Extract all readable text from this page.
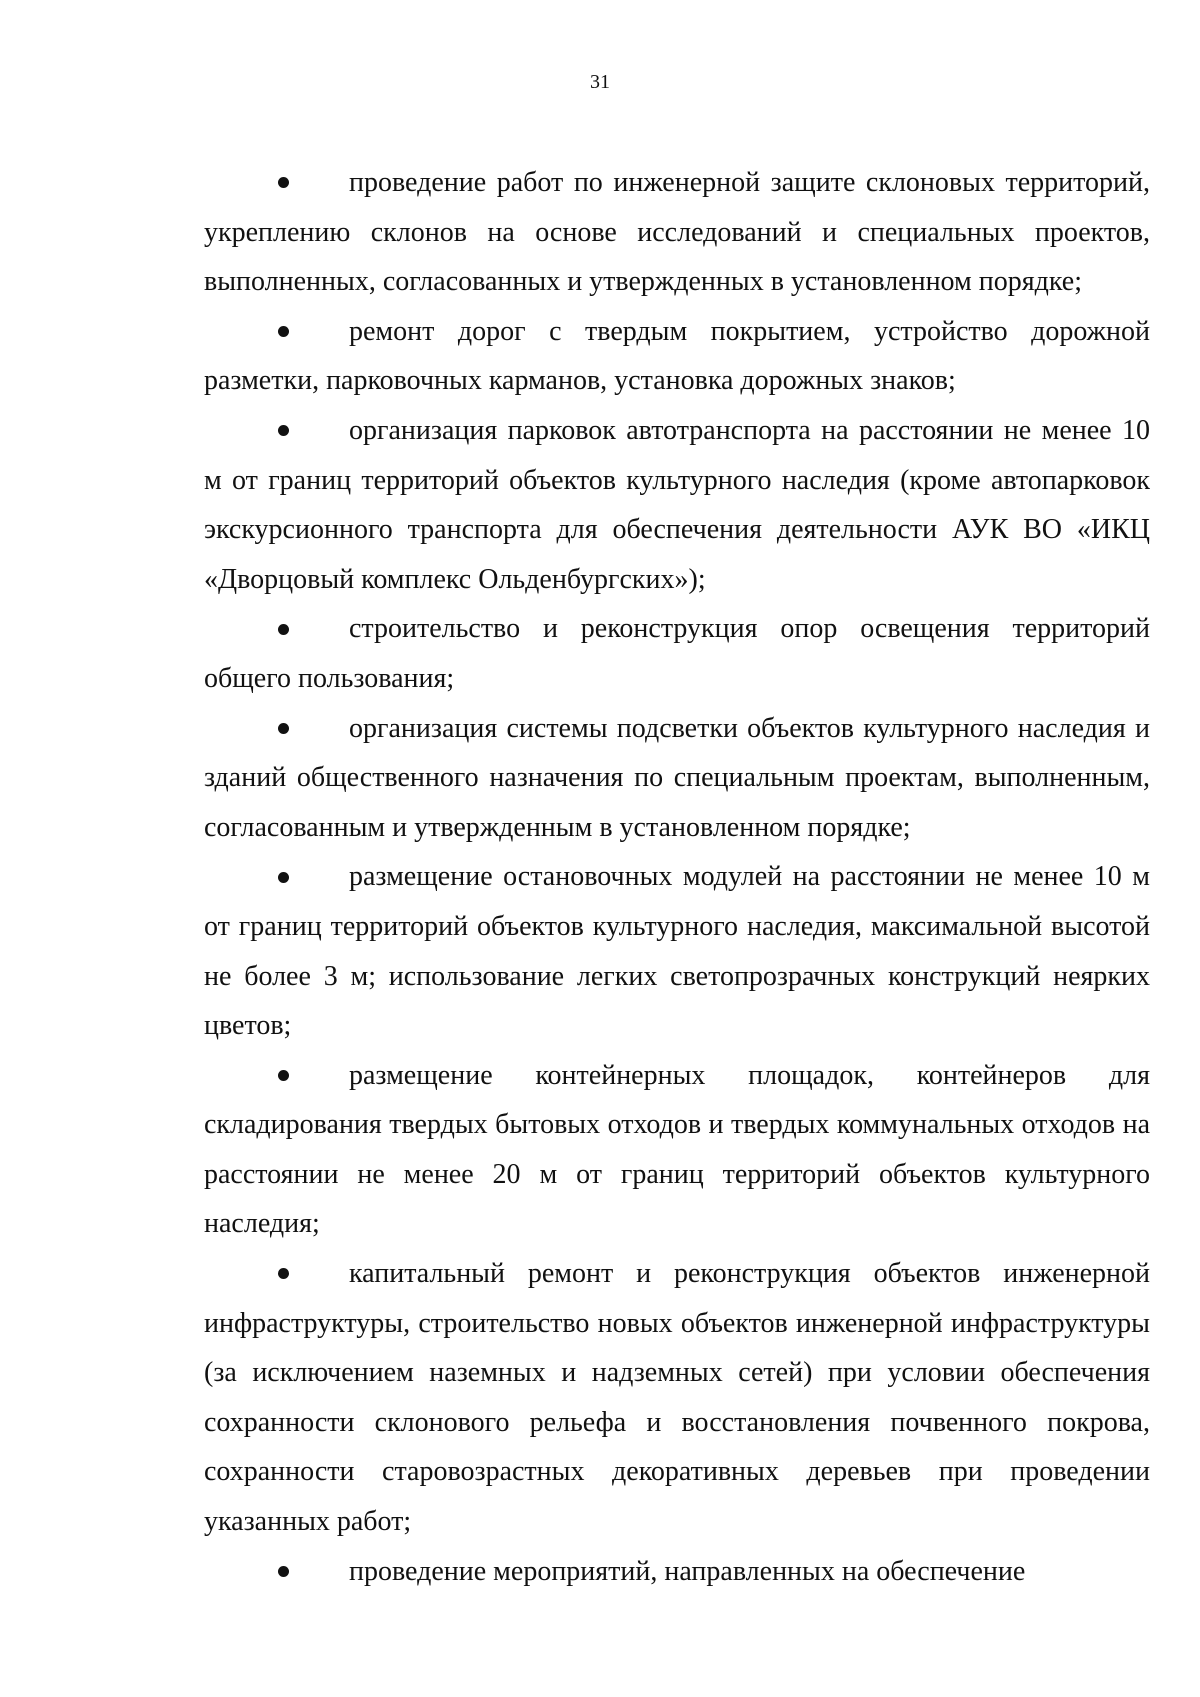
31

проведение работ по инженерной защите склоновых территорий, укреплению склонов на основе исследований и специальных проектов, выполненных, согласованных и утвержденных в установленном порядке;

ремонт дорог с твердым покрытием, устройство дорожной разметки, парковочных карманов, установка дорожных знаков;

организация парковок автотранспорта на расстоянии не менее 10 м от границ территорий объектов культурного наследия (кроме автопарковок экскурсионного транспорта для обеспечения деятельности АУК ВО «ИКЦ «Дворцовый комплекс Ольденбургских»);

строительство и реконструкция опор освещения территорий общего пользования;

организация системы подсветки объектов культурного наследия и зданий общественного назначения по специальным проектам, выполненным, согласованным и утвержденным в установленном порядке;

размещение остановочных модулей на расстоянии не менее 10 м от границ территорий объектов культурного наследия, максимальной высотой не более 3 м; использование легких светопрозрачных конструкций неярких цветов;

размещение контейнерных площадок, контейнеров для складирования твердых бытовых отходов и твердых коммунальных отходов на расстоянии не менее 20 м от границ территорий объектов культурного наследия;

капитальный ремонт и реконструкция объектов инженерной инфраструктуры, строительство новых объектов инженерной инфраструктуры (за исключением наземных и надземных сетей) при условии обеспечения сохранности склонового рельефа и восстановления почвенного покрова, сохранности старовозрастных декоративных деревьев при проведении указанных работ;

проведение мероприятий, направленных на обеспечение
